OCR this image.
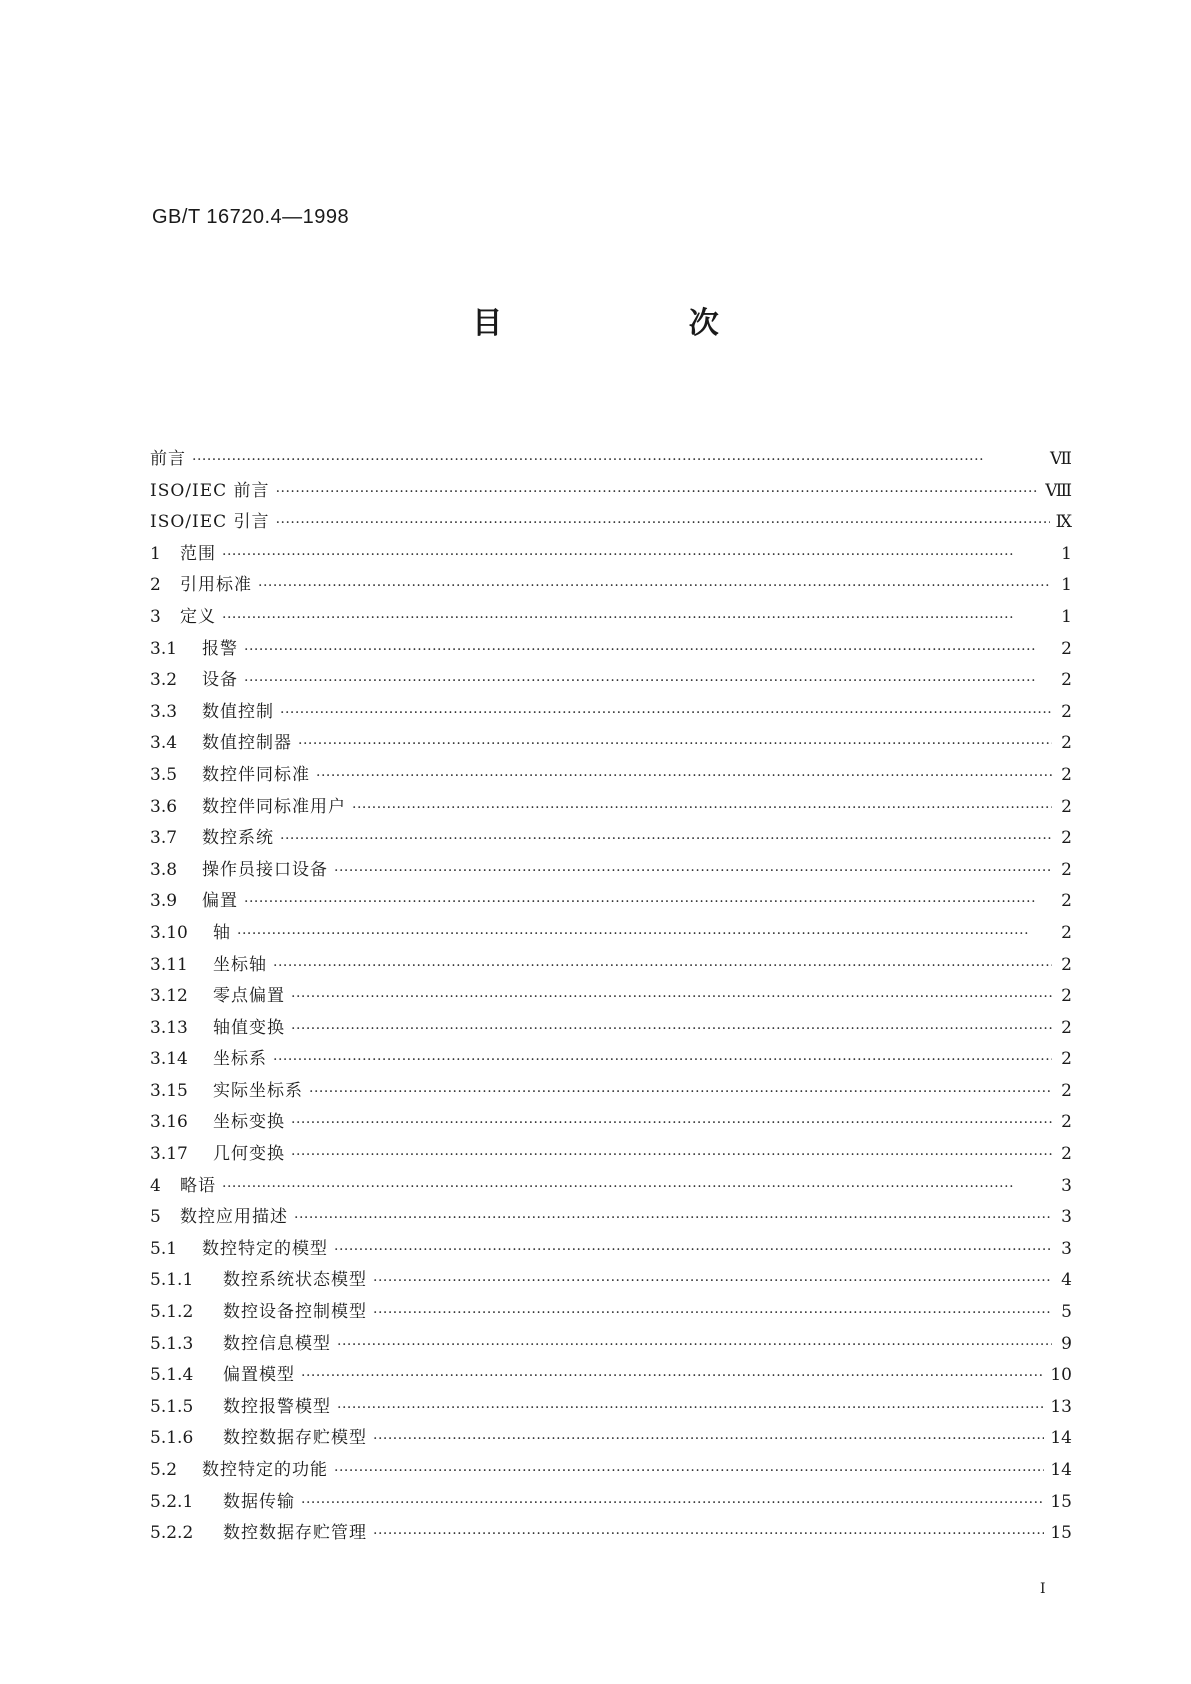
GB/T 16720.4—1998
目 次
前言 ·····	Ⅶ
ISO/IEC 前言 ·····	Ⅷ
ISO/IEC 引言 ·····	Ⅸ
1	范围 ·····	1
2	引用标准 ·····	1
3	定义 ·····	1
3.1	报警 ·····	2
3.2	设备 ·····	2
3.3	数值控制 ·····	2
3.4	数值控制器 ·····	2
3.5	数控伴同标准 ·····	2
3.6	数控伴同标准用户 ·····	2
3.7	数控系统 ·····	2
3.8	操作员接口设备 ·····	2
3.9	偏置 ·····	2
3.10	轴 ·····	2
3.11	坐标轴 ·····	2
3.12	零点偏置 ·····	2
3.13	轴值变换 ·····	2
3.14	坐标系 ·····	2
3.15	实际坐标系 ·····	2
3.16	坐标变换 ·····	2
3.17	几何变换 ·····	2
4	略语 ·····	3
5	数控应用描述 ·····	3
5.1	数控特定的模型 ·····	3
5.1.1	数控系统状态模型 ·····	4
5.1.2	数控设备控制模型 ·····	5
5.1.3	数控信息模型 ·····	9
5.1.4	偏置模型 ·····	10
5.1.5	数控报警模型 ·····	13
5.1.6	数控数据存贮模型 ·····	14
5.2	数控特定的功能 ·····	14
5.2.1	数据传输 ·····	15
5.2.2	数控数据存贮管理 ·····	15
I
